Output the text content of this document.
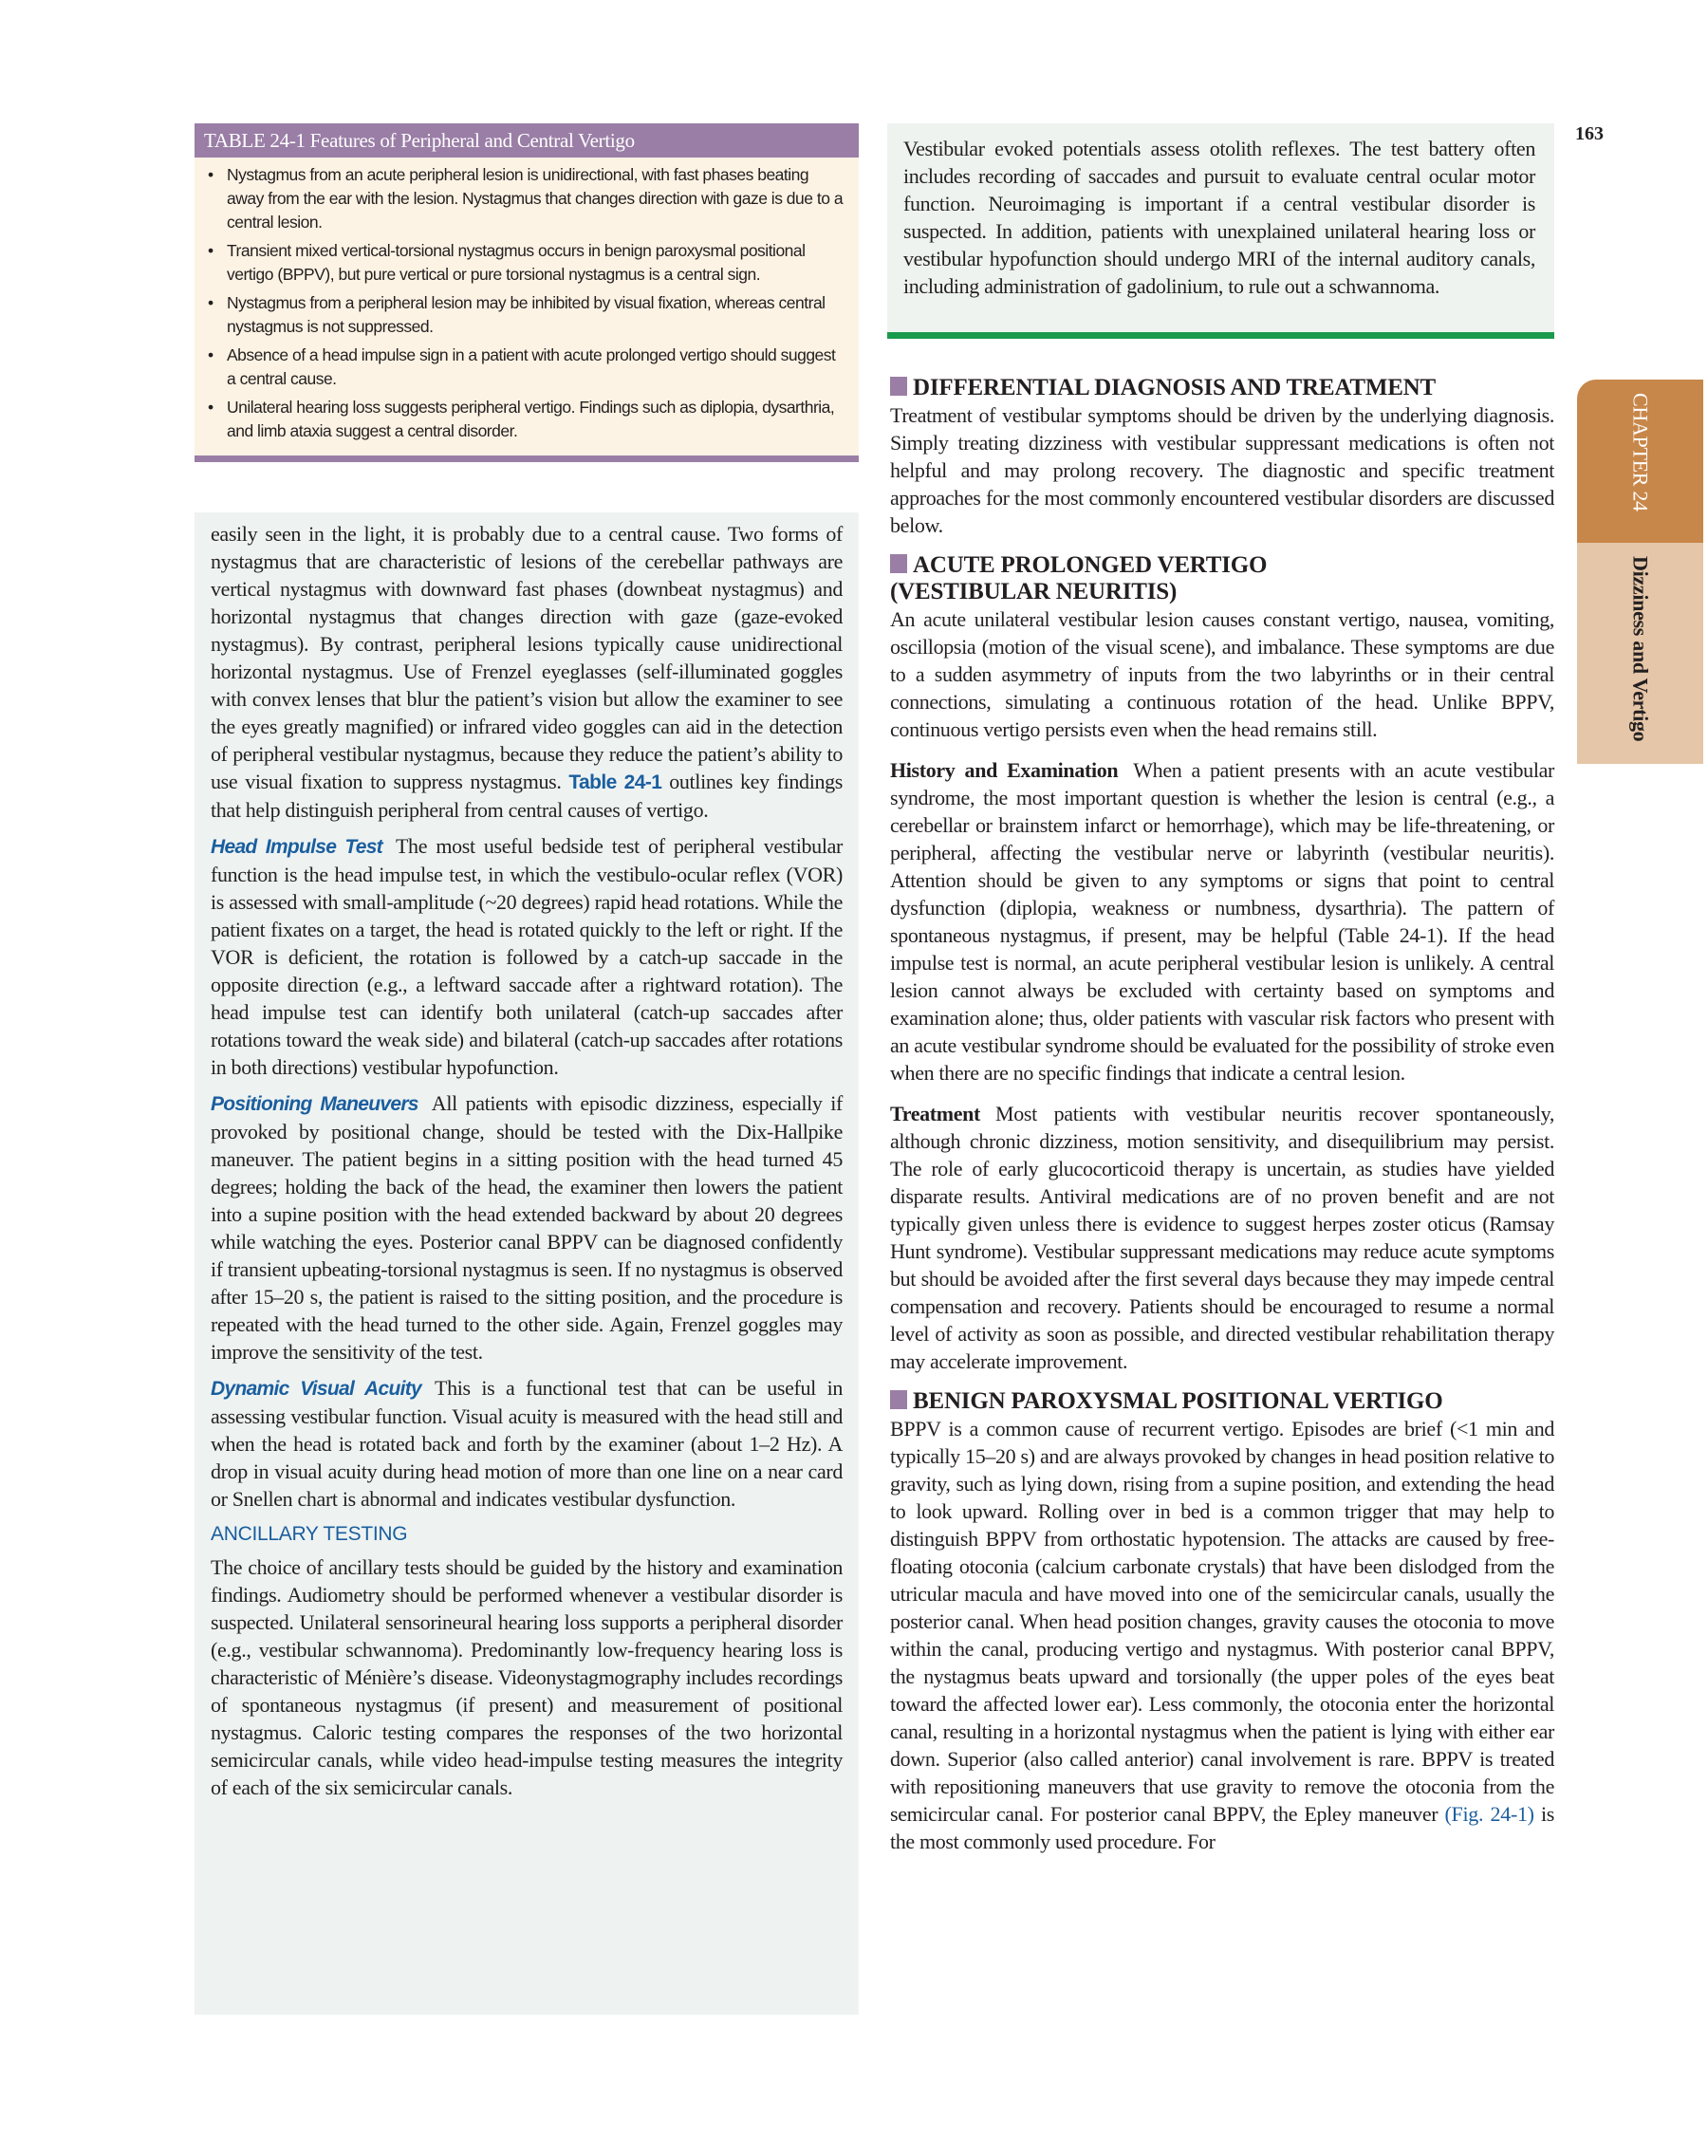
163
CHAPTER 24
Dizziness and Vertigo
TABLE 24-1 Features of Peripheral and Central Vertigo
• Nystagmus from an acute peripheral lesion is unidirectional, with fast phases beating away from the ear with the lesion. Nystagmus that changes direction with gaze is due to a central lesion.
• Transient mixed vertical-torsional nystagmus occurs in benign paroxysmal positional vertigo (BPPV), but pure vertical or pure torsional nystagmus is a central sign.
• Nystagmus from a peripheral lesion may be inhibited by visual fixation, whereas central nystagmus is not suppressed.
• Absence of a head impulse sign in a patient with acute prolonged vertigo should suggest a central cause.
• Unilateral hearing loss suggests peripheral vertigo. Findings such as diplopia, dysarthria, and limb ataxia suggest a central disorder.

easily seen in the light, it is probably due to a central cause. Two forms of nystagmus that are characteristic of lesions of the cerebellar pathways are vertical nystagmus with downward fast phases (downbeat nystagmus) and horizontal nystagmus that changes direction with gaze (gaze-evoked nystagmus). By contrast, peripheral lesions typically cause unidirectional horizontal nystagmus. Use of Frenzel eyeglasses (self-illuminated goggles with convex lenses that blur the patient’s vision but allow the examiner to see the eyes greatly magnified) or infrared video goggles can aid in the detection of peripheral vestibular nystagmus, because they reduce the patient’s ability to use visual fixation to suppress nystagmus. Table 24-1 outlines key findings that help distinguish peripheral from central causes of vertigo.

Head Impulse Test The most useful bedside test of peripheral vestibular function is the head impulse test, in which the vestibulo-ocular reflex (VOR) is assessed with small-amplitude (~20 degrees) rapid head rotations. While the patient fixates on a target, the head is rotated quickly to the left or right. If the VOR is deficient, the rotation is followed by a catch-up saccade in the opposite direction (e.g., a leftward saccade after a rightward rotation). The head impulse test can identify both unilateral (catch-up saccades after rotations toward the weak side) and bilateral (catch-up saccades after rotations in both directions) vestibular hypofunction.

Positioning Maneuvers All patients with episodic dizziness, especially if provoked by positional change, should be tested with the Dix-Hallpike maneuver. The patient begins in a sitting position with the head turned 45 degrees; holding the back of the head, the examiner then lowers the patient into a supine position with the head extended backward by about 20 degrees while watching the eyes. Posterior canal BPPV can be diagnosed confidently if transient upbeating-torsional nystagmus is seen. If no nystagmus is observed after 15–20 s, the patient is raised to the sitting position, and the procedure is repeated with the head turned to the other side. Again, Frenzel goggles may improve the sensitivity of the test.

Dynamic Visual Acuity This is a functional test that can be useful in assessing vestibular function. Visual acuity is measured with the head still and when the head is rotated back and forth by the examiner (about 1–2 Hz). A drop in visual acuity during head motion of more than one line on a near card or Snellen chart is abnormal and indicates vestibular dysfunction.

ANCILLARY TESTING

The choice of ancillary tests should be guided by the history and examination findings. Audiometry should be performed whenever a vestibular disorder is suspected. Unilateral sensorineural hearing loss supports a peripheral disorder (e.g., vestibular schwannoma). Predominantly low-frequency hearing loss is characteristic of Ménière’s disease. Videonystagmography includes recordings of spontaneous nystagmus (if present) and measurement of positional nystagmus. Caloric testing compares the responses of the two horizontal semicircular canals, while video head-impulse testing measures the integrity of each of the six semicircular canals.

Vestibular evoked potentials assess otolith reflexes. The test battery often includes recording of saccades and pursuit to evaluate central ocular motor function. Neuroimaging is important if a central vestibular disorder is suspected. In addition, patients with unexplained unilateral hearing loss or vestibular hypofunction should undergo MRI of the internal auditory canals, including administration of gadolinium, to rule out a schwannoma.

DIFFERENTIAL DIAGNOSIS AND TREATMENT

Treatment of vestibular symptoms should be driven by the underlying diagnosis. Simply treating dizziness with vestibular suppressant medications is often not helpful and may prolong recovery. The diagnostic and specific treatment approaches for the most commonly encountered vestibular disorders are discussed below.

ACUTE PROLONGED VERTIGO
(VESTIBULAR NEURITIS)

An acute unilateral vestibular lesion causes constant vertigo, nausea, vomiting, oscillopsia (motion of the visual scene), and imbalance. These symptoms are due to a sudden asymmetry of inputs from the two labyrinths or in their central connections, simulating a continuous rotation of the head. Unlike BPPV, continuous vertigo persists even when the head remains still.

History and Examination When a patient presents with an acute vestibular syndrome, the most important question is whether the lesion is central (e.g., a cerebellar or brainstem infarct or hemorrhage), which may be life-threatening, or peripheral, affecting the vestibular nerve or labyrinth (vestibular neuritis). Attention should be given to any symptoms or signs that point to central dysfunction (diplopia, weakness or numbness, dysarthria). The pattern of spontaneous nystagmus, if present, may be helpful (Table 24-1). If the head impulse test is normal, an acute peripheral vestibular lesion is unlikely. A central lesion cannot always be excluded with certainty based on symptoms and examination alone; thus, older patients with vascular risk factors who present with an acute vestibular syndrome should be evaluated for the possibility of stroke even when there are no specific findings that indicate a central lesion.

Treatment Most patients with vestibular neuritis recover spontaneously, although chronic dizziness, motion sensitivity, and disequilibrium may persist. The role of early glucocorticoid therapy is uncertain, as studies have yielded disparate results. Antiviral medications are of no proven benefit and are not typically given unless there is evidence to suggest herpes zoster oticus (Ramsay Hunt syndrome). Vestibular suppressant medications may reduce acute symptoms but should be avoided after the first several days because they may impede central compensation and recovery. Patients should be encouraged to resume a normal level of activity as soon as possible, and directed vestibular rehabilitation therapy may accelerate improvement.

BENIGN PAROXYSMAL POSITIONAL VERTIGO

BPPV is a common cause of recurrent vertigo. Episodes are brief (<1 min and typically 15–20 s) and are always provoked by changes in head position relative to gravity, such as lying down, rising from a supine position, and extending the head to look upward. Rolling over in bed is a common trigger that may help to distinguish BPPV from orthostatic hypotension. The attacks are caused by free-floating otoconia (calcium carbonate crystals) that have been dislodged from the utricular macula and have moved into one of the semicircular canals, usually the posterior canal. When head position changes, gravity causes the otoconia to move within the canal, producing vertigo and nystagmus. With posterior canal BPPV, the nystagmus beats upward and torsionally (the upper poles of the eyes beat toward the affected lower ear). Less commonly, the otoconia enter the horizontal canal, resulting in a horizontal nystagmus when the patient is lying with either ear down. Superior (also called anterior) canal involvement is rare. BPPV is treated with repositioning maneuvers that use gravity to remove the otoconia from the semicircular canal. For posterior canal BPPV, the Epley maneuver (Fig. 24-1) is the most commonly used procedure. For
